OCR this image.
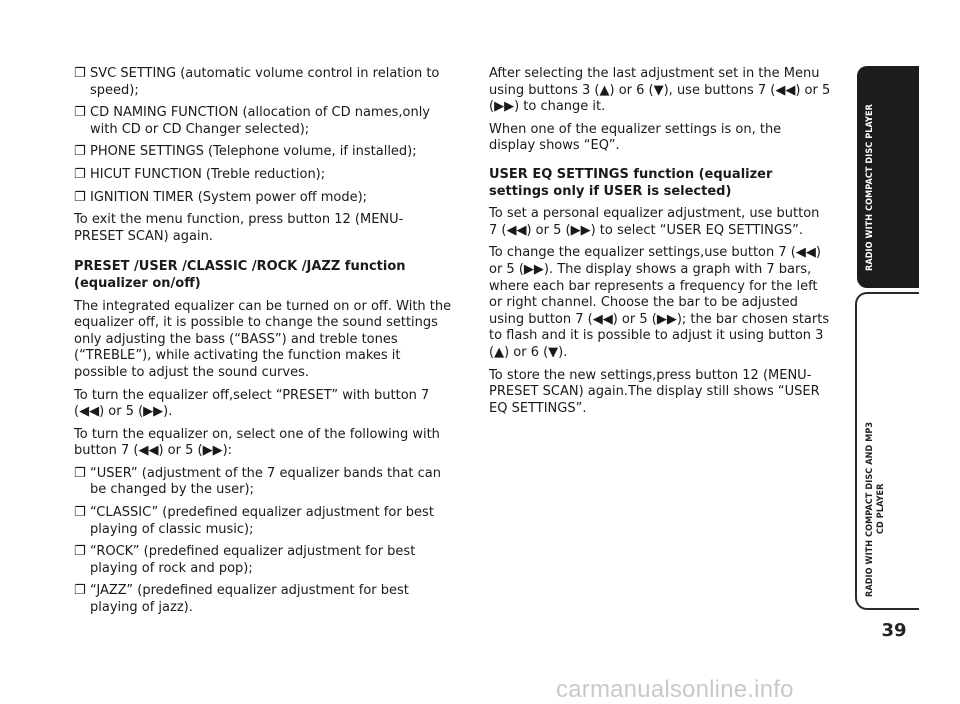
❐ SVC SETTING (automatic volume control in relation to speed);
❐ CD NAMING FUNCTION (allocation of CD names,only with CD or CD Changer selected);
❐ PHONE SETTINGS (Telephone volume, if installed);
❐ HICUT FUNCTION (Treble reduction);
❐ IGNITION TIMER (System power off mode);
To exit the menu function, press button 12 (MENU-PRESET SCAN) again.
PRESET /USER /CLASSIC /ROCK /JAZZ function (equalizer on/off)
The integrated equalizer can be turned on or off. With the equalizer off, it is possible to change the sound settings only adjusting the bass (“BASS”) and treble tones (“TREBLE”), while activating the function makes it possible to adjust the sound curves.
To turn the equalizer off,select “PRESET” with button 7 (◀◀) or 5 (▶▶).
To turn the equalizer on, select one of the following with button 7 (◀◀) or 5 (▶▶):
❐ “USER” (adjustment of the 7 equalizer bands that can be changed by the user);
❐ “CLASSIC” (predefined equalizer adjustment for best playing of classic music);
❐ “ROCK” (predefined equalizer adjustment for best playing of rock and pop);
❐ “JAZZ” (predefined equalizer adjustment for best playing of jazz).
After selecting the last adjustment set in the Menu using buttons 3 (▲) or 6 (▼), use buttons 7 (◀◀) or 5 (▶▶) to change it.
When one of the equalizer settings is on, the display shows “EQ”.
USER EQ SETTINGS function (equalizer settings only if USER is selected)
To set a personal equalizer adjustment, use button 7 (◀◀) or 5 (▶▶) to select “USER EQ SETTINGS”.
To change the equalizer settings,use button 7 (◀◀) or 5 (▶▶). The display shows a graph with 7 bars, where each bar represents a frequency for the left or right channel. Choose the bar to be adjusted using button 7 (◀◀) or 5 (▶▶); the bar chosen starts to flash and it is possible to adjust it using button 3 (▲) or 6 (▼).
To store the new settings,press button 12 (MENU-PRESET SCAN) again.The display still shows “USER EQ SETTINGS”.
RADIO WITH COMPACT DISC PLAYER
RADIO WITH COMPACT DISC AND MP3 CD PLAYER
39
carmanualsonline.info
